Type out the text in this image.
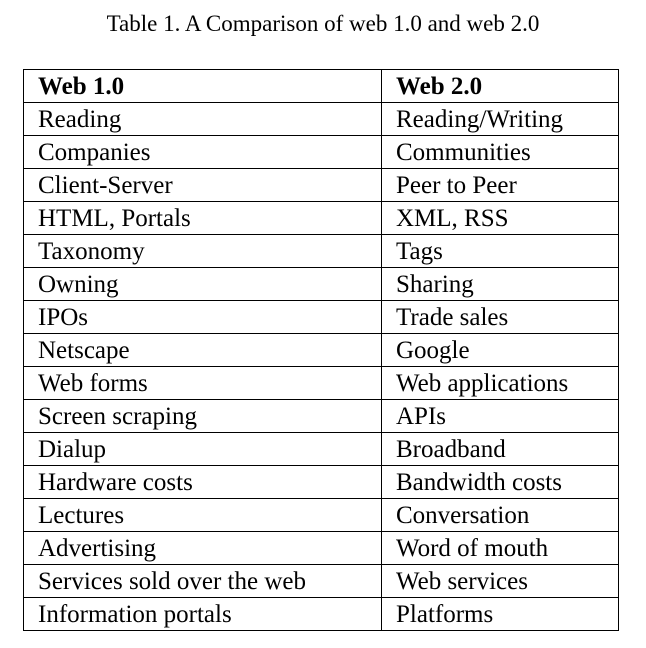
Table 1. A Comparison of web 1.0 and web 2.0
Web 1.0	Web 2.0
Reading	Reading/Writing
Companies	Communities
Client-Server	Peer to Peer
HTML, Portals	XML, RSS
Taxonomy	Tags
Owning	Sharing
IPOs	Trade sales
Netscape	Google
Web forms	Web applications
Screen scraping	APIs
Dialup	Broadband
Hardware costs	Bandwidth costs
Lectures	Conversation
Advertising	Word of mouth
Services sold over the web	Web services
Information portals	Platforms
